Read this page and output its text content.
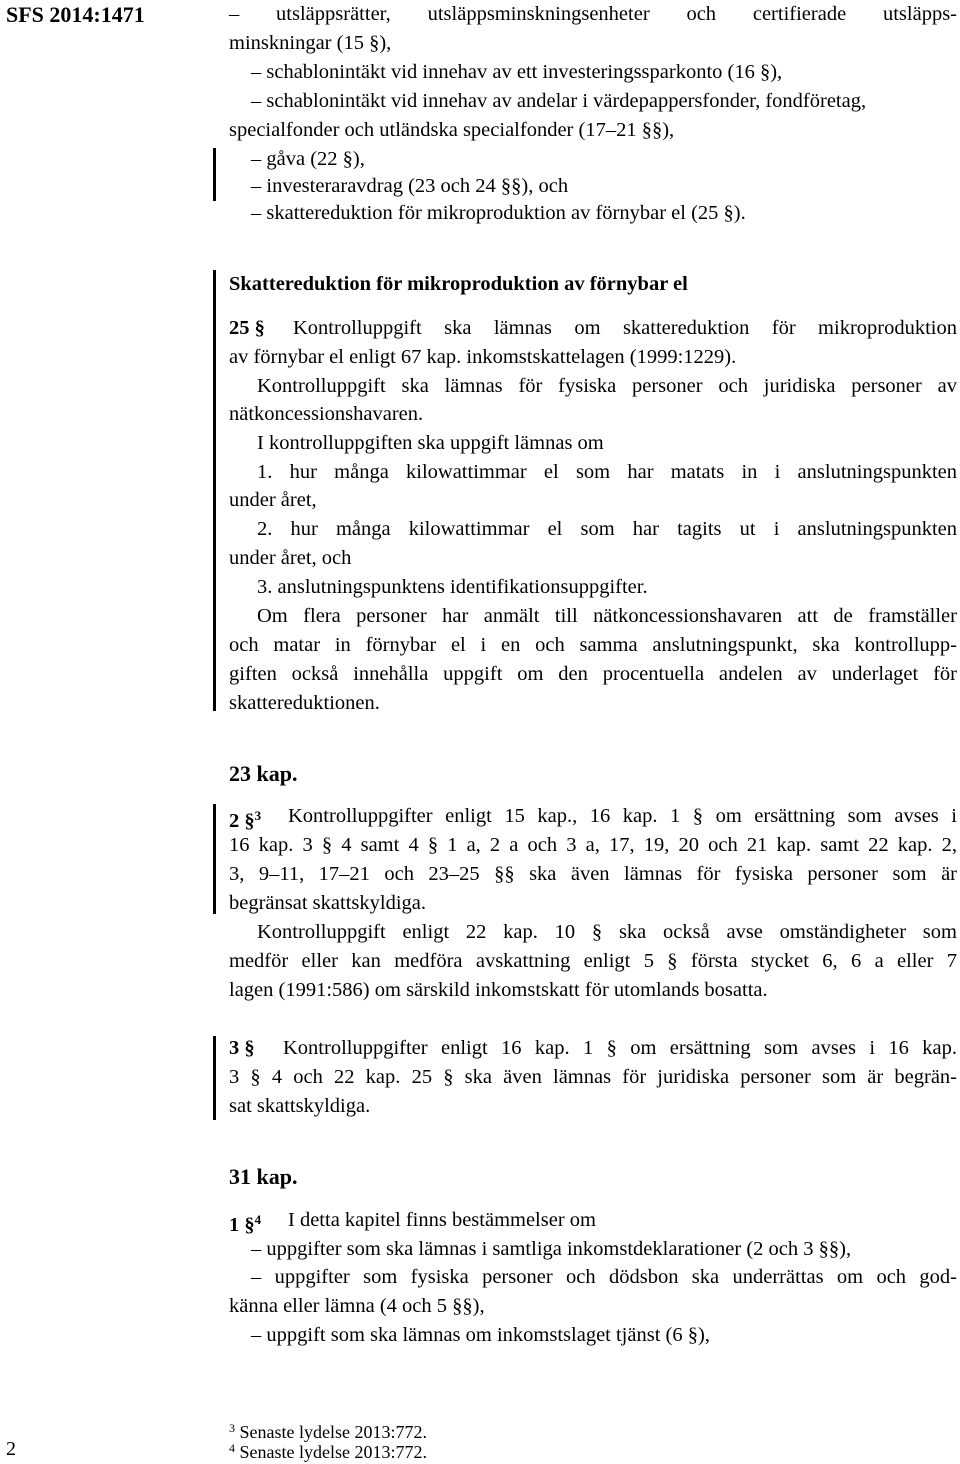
SFS 2014:1471	– utsläppsrätter, utsläppsminskningsenheter och certifierade utsläpps-
minskningar (15 §),
– schablonintäkt vid innehav av ett investeringssparkonto (16 §),
– schablonintäkt vid innehav av andelar i värdepappersfonder, fondföretag,
specialfonder och utländska specialfonder (17–21 §§),
– gåva (22 §),
– investeraravdrag (23 och 24 §§), och
– skattereduktion för mikroproduktion av förnybar el (25 §).
Skattereduktion för mikroproduktion av förnybar el
25 § Kontrolluppgift ska lämnas om skattereduktion för mikroproduktion
av förnybar el enligt 67 kap. inkomstskattelagen (1999:1229).
Kontrolluppgift ska lämnas för fysiska personer och juridiska personer av
nätkoncessionshavaren.
I kontrolluppgiften ska uppgift lämnas om
1. hur många kilowattimmar el som har matats in i anslutningspunkten
under året,
2. hur många kilowattimmar el som har tagits ut i anslutningspunkten
under året, och
3. anslutningspunktens identifikationsuppgifter.
Om flera personer har anmält till nätkoncessionshavaren att de framställer
och matar in förnybar el i en och samma anslutningspunkt, ska kontrollupp-
giften också innehålla uppgift om den procentuella andelen av underlaget för
skattereduktionen.
23 kap.
2 §$^3$ Kontrolluppgifter enligt 15 kap., 16 kap. 1 § om ersättning som avses i
16 kap. 3 § 4 samt 4 § 1 a, 2 a och 3 a, 17, 19, 20 och 21 kap. samt 22 kap. 2,
3, 9–11, 17–21 och 23–25 §§ ska även lämnas för fysiska personer som är
begränsat skattskyldiga.
Kontrolluppgift enligt 22 kap. 10 § ska också avse omständigheter som
medför eller kan medföra avskattning enligt 5 § första stycket 6, 6 a eller 7
lagen (1991:586) om särskild inkomstskatt för utomlands bosatta.
3 § Kontrolluppgifter enligt 16 kap. 1 § om ersättning som avses i 16 kap.
3 § 4 och 22 kap. 25 § ska även lämnas för juridiska personer som är begrän-
sat skattskyldiga.
31 kap.
1 §$^4$ I detta kapitel finns bestämmelser om
– uppgifter som ska lämnas i samtliga inkomstdeklarationer (2 och 3 §§),
– uppgifter som fysiska personer och dödsbon ska underrättas om och god-
känna eller lämna (4 och 5 §§),
– uppgift som ska lämnas om inkomstslaget tjänst (6 §),
$^3$ Senaste lydelse 2013:772.
$^4$ Senaste lydelse 2013:772.
2
